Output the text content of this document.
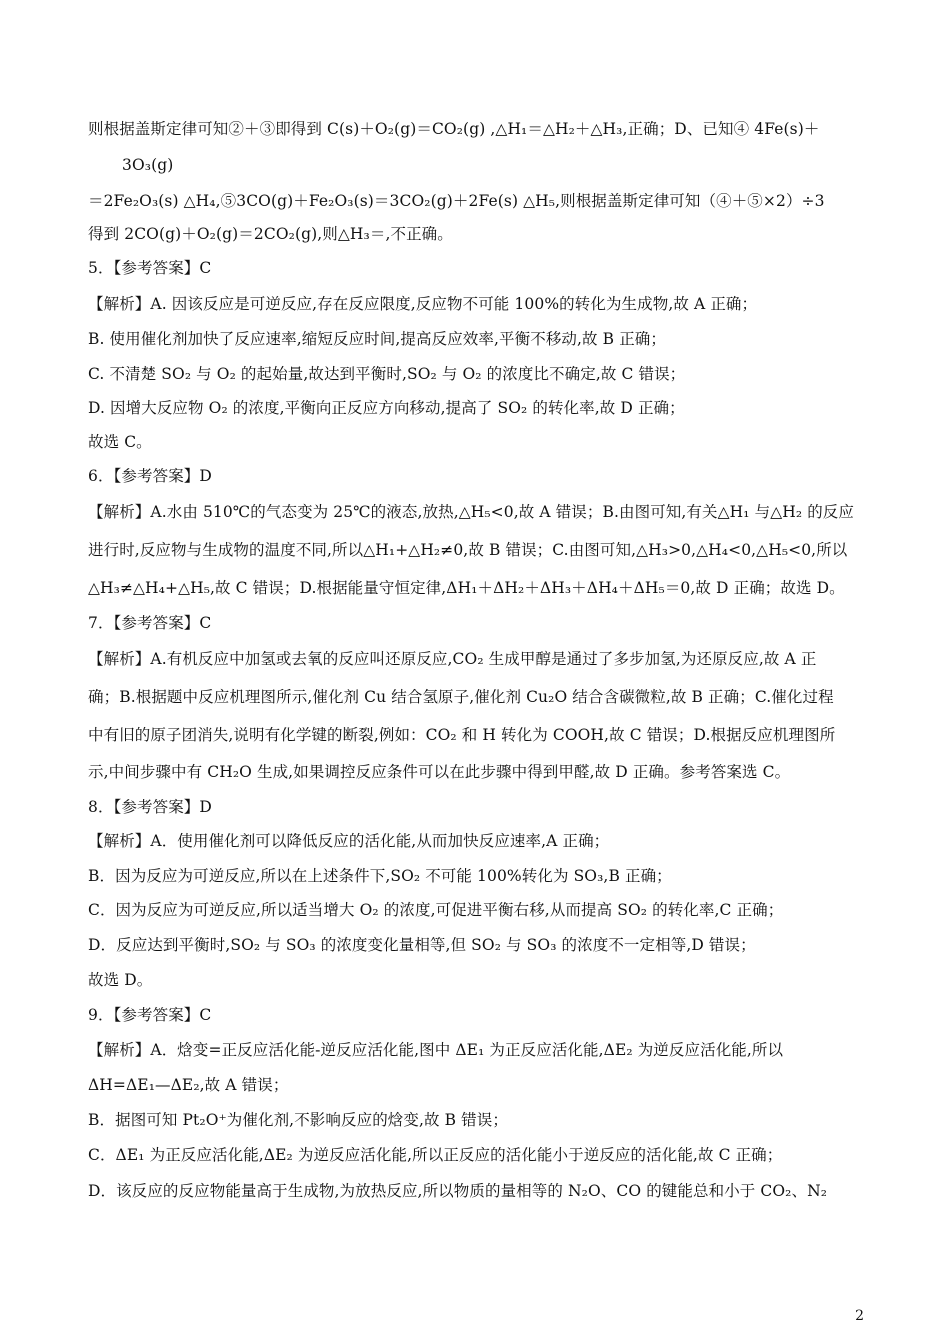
则根据盖斯定律可知②＋③即得到 C(s)＋O₂(g)＝CO₂(g) ,△H₁＝△H₂＋△H₃,正确；D、已知④ 4Fe(s)＋
3O₃(g)
＝2Fe₂O₃(s) △H₄,⑤3CO(g)＋Fe₂O₃(s)＝3CO₂(g)＋2Fe(s) △H₅,则根据盖斯定律可知（④＋⑤×2）÷3
得到 2CO(g)＋O₂(g)＝2CO₂(g),则△H₃＝,不正确。
5．【参考答案】C
【解析】A. 因该反应是可逆反应,存在反应限度,反应物不可能 100%的转化为生成物,故 A 正确；
B. 使用催化剂加快了反应速率,缩短反应时间,提高反应效率,平衡不移动,故 B 正确；
C. 不清楚 SO₂ 与 O₂ 的起始量,故达到平衡时,SO₂ 与 O₂ 的浓度比不确定,故 C 错误；
D. 因增大反应物 O₂ 的浓度,平衡向正反应方向移动,提高了 SO₂ 的转化率,故 D 正确；
故选 C。
6．【参考答案】D
【解析】A.水由 510℃的气态变为 25℃的液态,放热,△H₅<0,故 A 错误；B.由图可知,有关△H₁ 与△H₂ 的反应
进行时,反应物与生成物的温度不同,所以△H₁+△H₂≠0,故 B 错误；C.由图可知,△H₃>0,△H₄<0,△H₅<0,所以
△H₃≠△H₄+△H₅,故 C 错误；D.根据能量守恒定律,ΔH₁＋ΔH₂＋ΔH₃＋ΔH₄＋ΔH₅＝0,故 D 正确；故选 D。
7．【参考答案】C
【解析】A.有机反应中加氢或去氧的反应叫还原反应,CO₂ 生成甲醇是通过了多步加氢,为还原反应,故 A 正
确；B.根据题中反应机理图所示,催化剂 Cu 结合氢原子,催化剂 Cu₂O 结合含碳微粒,故 B 正确；C.催化过程
中有旧的原子团消失,说明有化学键的断裂,例如：CO₂ 和 H 转化为 COOH,故 C 错误；D.根据反应机理图所
示,中间步骤中有 CH₂O 生成,如果调控反应条件可以在此步骤中得到甲醛,故 D 正确。参考答案选 C。
8．【参考答案】D
【解析】A．使用催化剂可以降低反应的活化能,从而加快反应速率,A 正确；
B．因为反应为可逆反应,所以在上述条件下,SO₂ 不可能 100%转化为 SO₃,B 正确；
C．因为反应为可逆反应,所以适当增大 O₂ 的浓度,可促进平衡右移,从而提高 SO₂ 的转化率,C 正确；
D．反应达到平衡时,SO₂ 与 SO₃ 的浓度变化量相等,但 SO₂ 与 SO₃ 的浓度不一定相等,D 错误；
故选 D。
9．【参考答案】C
【解析】A．焓变=正反应活化能-逆反应活化能,图中 ΔE₁ 为正反应活化能,ΔE₂ 为逆反应活化能,所以
ΔH=ΔE₁—ΔE₂,故 A 错误；
B．据图可知 Pt₂O⁺为催化剂,不影响反应的焓变,故 B 错误；
C．ΔE₁ 为正反应活化能,ΔE₂ 为逆反应活化能,所以正反应的活化能小于逆反应的活化能,故 C 正确；
D．该反应的反应物能量高于生成物,为放热反应,所以物质的量相等的 N₂O、CO 的键能总和小于 CO₂、N₂
2
